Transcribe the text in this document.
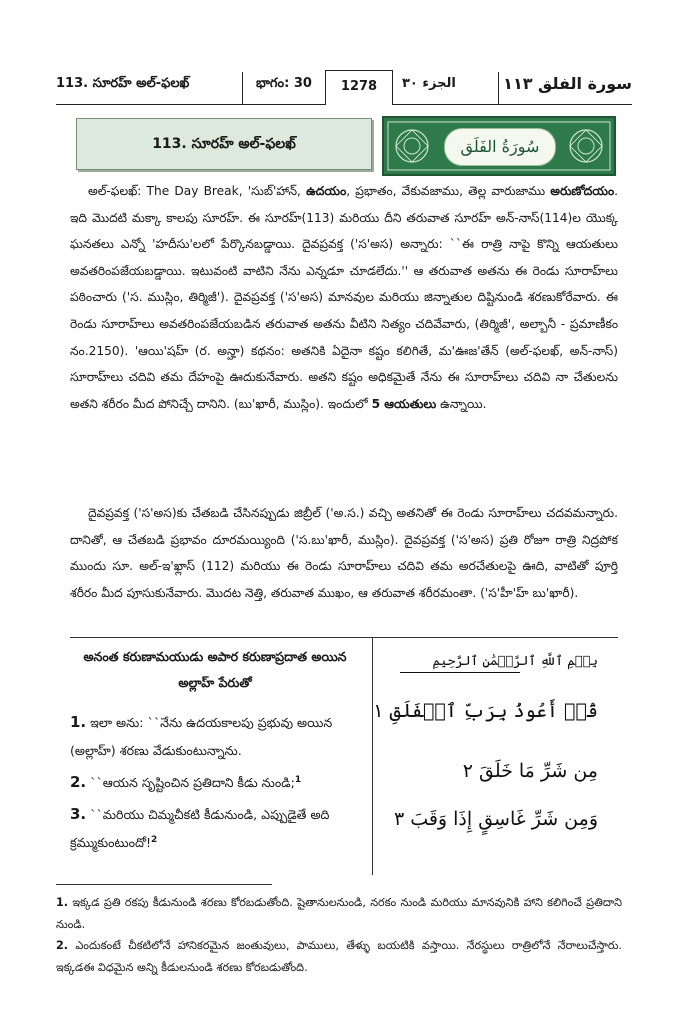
113. సూరహ్ అల్-ఫలఖ్	భాగం: 30	1278	الجزء ۳۰	سورة الفلق ۱۱۳
113. సూరహ్ అల్-ఫలఖ్	سُورَةُ الفَلَق
అల్-ఫలఖ్: The Day Break, 'సుబ్'హాన్, ఉదయం, ప్రభాతం, వేకువజాము, తెల్ల వారుజాము అరుణోదయం. ఇది మొదటి మక్కా కాలపు సూరహ్. ఈ సూరహ్(113) మరియు దీని తరువాత సూరహ్ అన్-నాస్(114)ల యొక్క ఘనతలు ఎన్నో 'హదీసు'లలో పేర్కొనబడ్డాయి. దైవప్రవక్త ('స'అస) అన్నారు: ``ఈ రాత్రి నాపై కొన్ని ఆయతులు అవతరింపజేయబడ్డాయి. ఇటువంటి వాటిని నేను ఎన్నడూ చూడలేదు.'' ఆ తరువాత అతను ఈ రెండు సూరాహ్‌లు పఠించారు ('స. ముస్లిం, తిర్మిజీ'). దైవప్రవక్త ('స'అస) మానవుల మరియు జిన్నాతుల దిష్టినుండి శరణుకోరేవారు. ఈ రెండు సూరాహ్‌లు అవతరింపజేయబడిన తరువాత అతను వీటిని నిత్యం చదివేవారు, (తిర్మిజీ', అల్బానీ - ప్రమాణీకం నం.2150). 'ఆయి'షహ్ (ర. అన్హా) కథనం: అతనికి ఏదైనా కష్టం కలిగితే, మ'ఊజ'తేన్ (అల్-ఫలఖ్, అన్-నాస్) సూరాహ్‌లు చదివి తమ దేహంపై ఊదుకునేవారు. అతని కష్టం అధికమైతే నేను ఈ సూరాహ్‌లు చదివి నా చేతులను అతని శరీరం మీద పోనిచ్చే దానిని. (బు'ఖారీ, ముస్లిం). ఇందులో 5 ఆయతులు ఉన్నాయి.
దైవప్రవక్త ('స'అస)కు చేతబడి చేసినప్పుడు జిబ్రీల్ ('అ.స.) వచ్చి అతనితో ఈ రెండు సూరాహ్‌లు చదవమన్నారు. దానితో, ఆ చేతబడి ప్రభావం దూరమయ్యింది ('స.బు'ఖారీ, ముస్లిం). దైవప్రవక్త ('స'అస) ప్రతి రోజూ రాత్రి నిద్రపోక ముందు సూ. అల్-ఇ'ఖ్లాస్ (112) మరియు ఈ రెండు సూరాహ్‌లు చదివి తమ అరచేతులపై ఊది, వాటితో పూర్తి శరీరం మీద పూసుకునేవారు. మొదట నెత్తి, తరువాత ముఖం, ఆ తరువాత శరీరమంతా. ('స'హీ'హ్ బు'ఖారీ).
అనంత కరుణామయుడు అపార కరుణాప్రదాత అయిన అల్లాహ్ పేరుతో
1. ఇలా అను: ``నేను ఉదయకాలపు ప్రభువు అయిన (అల్లాహ్) శరణు వేడుకుంటున్నాను.
2. ``ఆయన సృష్టించిన ప్రతిదాని కీడు నుండి;$^1$
3. ``మరియు చిమ్మచీకటి కీడునుండి, ఎప్పుడైతే అది క్రమ్ముకుంటుందో!$^2$
بِسۡمِ ٱللَّهِ ٱلرَّحۡمَٰنِ ٱلرَّحِيمِ
قُلۡ أَعُوذُ بِرَبِّ ٱلۡفَلَقِ ١
مِن شَرِّ مَا خَلَقَ ٢
وَمِن شَرِّ غَاسِقٍ إِذَا وَقَبَ ٣
1. ఇక్కడ ప్రతి రకపు కీడునుండి శరణు కోరబడుతోంది. షైతానులనుండి, నరకం నుండి మరియు మానవునికి హాని కలిగించే ప్రతిదాని నుండి.
2. ఎందుకంటే చీకటిలోనే హానికరమైన జంతువులు, పాములు, తేళ్ళు బయటికి వస్తాయి. నేరస్థులు రాత్రిలోనే నేరాలుచేస్తారు. ఇక్కడఈ విధమైన అన్ని కీడులనుండి శరణు కోరబడుతోంది.
